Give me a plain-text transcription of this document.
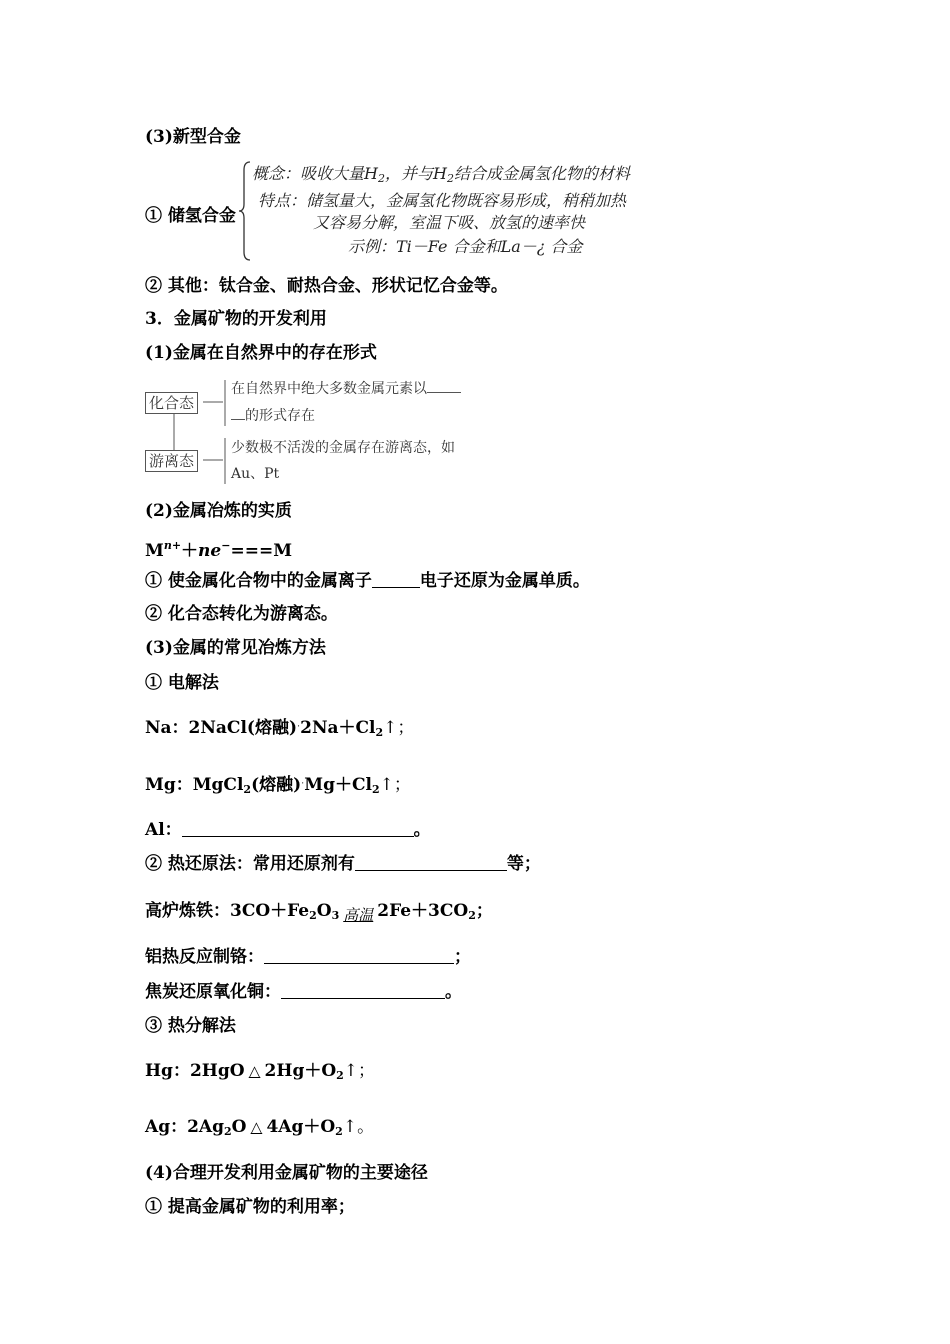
(3)新型合金
① 储氢合金
概念：吸收大量$H_2$，并与$H_2$结合成金属氢化物的材料
特点：储氢量大，金属氢化物既容易形成，稍稍加热
又容易分解，室温下吸、放氢的速率快
示例：Ti－Fe 合金和La－¿ 合金
② 其他：钛合金、耐热合金、形状记忆合金等。
3．金属矿物的开发利用
(1)金属在自然界中的存在形式
化合态
游离态
在自然界中绝大多数金属元素以
的形式存在
少数极不活泼的金属存在游离态，如
Au、Pt
(2)金属冶炼的实质
$M^{n+}+ne^-===M$
① 使金属化合物中的金属离子	电子还原为金属单质。
② 化合态转化为游离态。
(3)金属的常见冶炼方法
① 电解法
Na：2NaCl(熔融)$^\cdot 2Na+Cl_2↑$；
Mg：MgCl$_2$(熔融)$^\cdot Mg+Cl_2↑$；
Al：	。
② 热还原法：常用还原剂有	等；
高炉炼铁：$3CO+Fe_2O_3$ 高温 $2Fe+3CO_2$；
铝热反应制铬：	；
焦炭还原氧化铜：	。
③ 热分解法
Hg：2HgO △ $2Hg+O_2↑$；
Ag：$2Ag_2O$ △ $4Ag+O_2↑$。
(4)合理开发利用金属矿物的主要途径
① 提高金属矿物的利用率；
